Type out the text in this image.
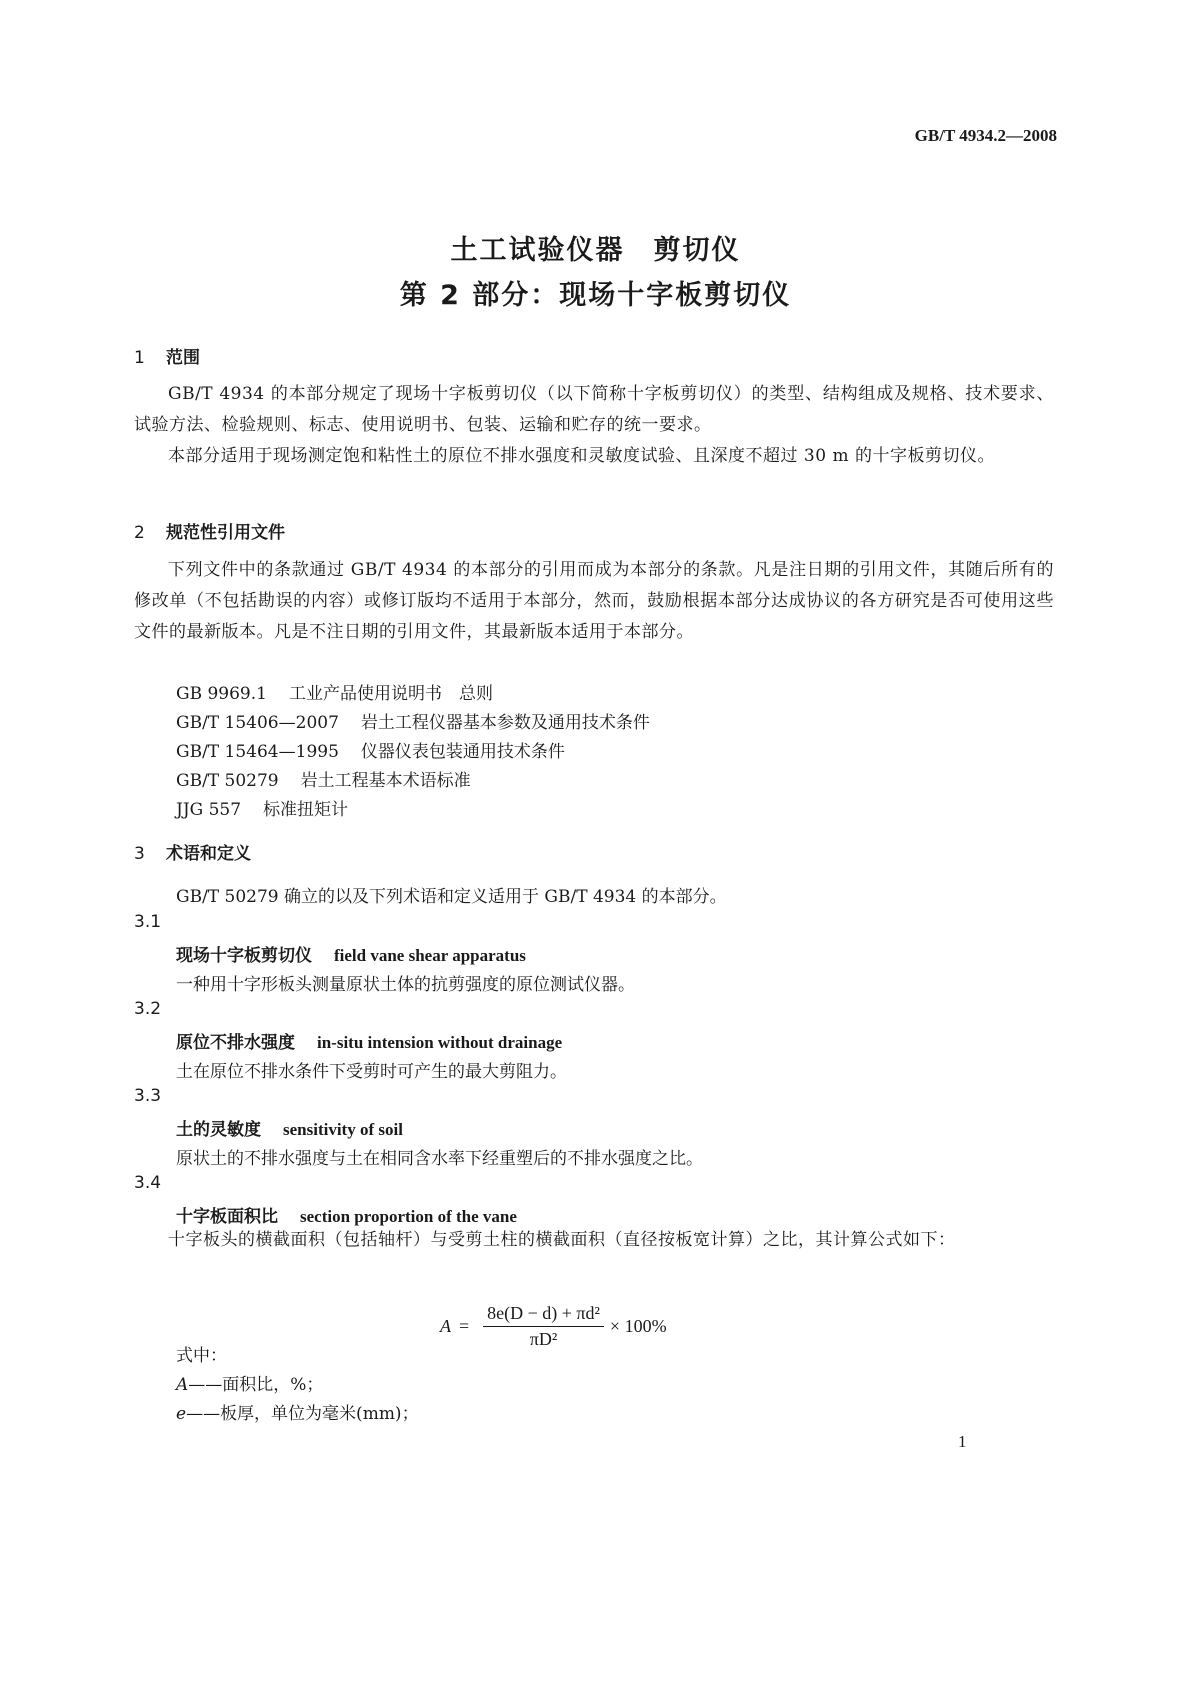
GB/T 4934.2—2008
土工试验仪器　剪切仪
第 2 部分：现场十字板剪切仪
1 范围
GB/T 4934 的本部分规定了现场十字板剪切仪（以下简称十字板剪切仪）的类型、结构组成及规格、技术要求、试验方法、检验规则、标志、使用说明书、包装、运输和贮存的统一要求。
本部分适用于现场测定饱和粘性土的原位不排水强度和灵敏度试验、且深度不超过 30 m 的十字板剪切仪。
2 规范性引用文件
下列文件中的条款通过 GB/T 4934 的本部分的引用而成为本部分的条款。凡是注日期的引用文件，其随后所有的修改单（不包括勘误的内容）或修订版均不适用于本部分，然而，鼓励根据本部分达成协议的各方研究是否可使用这些文件的最新版本。凡是不注日期的引用文件，其最新版本适用于本部分。
GB 9969.1 工业产品使用说明书　总则
GB/T 15406—2007 岩土工程仪器基本参数及通用技术条件
GB/T 15464—1995 仪器仪表包装通用技术条件
GB/T 50279 岩土工程基本术语标准
JJG 557 标准扭矩计
3 术语和定义
GB/T 50279 确立的以及下列术语和定义适用于 GB/T 4934 的本部分。
3.1
现场十字板剪切仪 field vane shear apparatus
一种用十字形板头测量原状土体的抗剪强度的原位测试仪器。
3.2
原位不排水强度 in-situ intension without drainage
土在原位不排水条件下受剪时可产生的最大剪阻力。
3.3
土的灵敏度 sensitivity of soil
原状土的不排水强度与土在相同含水率下经重塑后的不排水强度之比。
3.4
十字板面积比 section proportion of the vane
十字板头的横截面积（包括轴杆）与受剪土柱的横截面积（直径按板宽计算）之比，其计算公式如下：
$A = \frac{\text{8e(D − d) + πd²}}{\text{πD²}} \times 100\%$
式中：
A——面积比，%；
e——板厚，单位为毫米(mm)；
1
